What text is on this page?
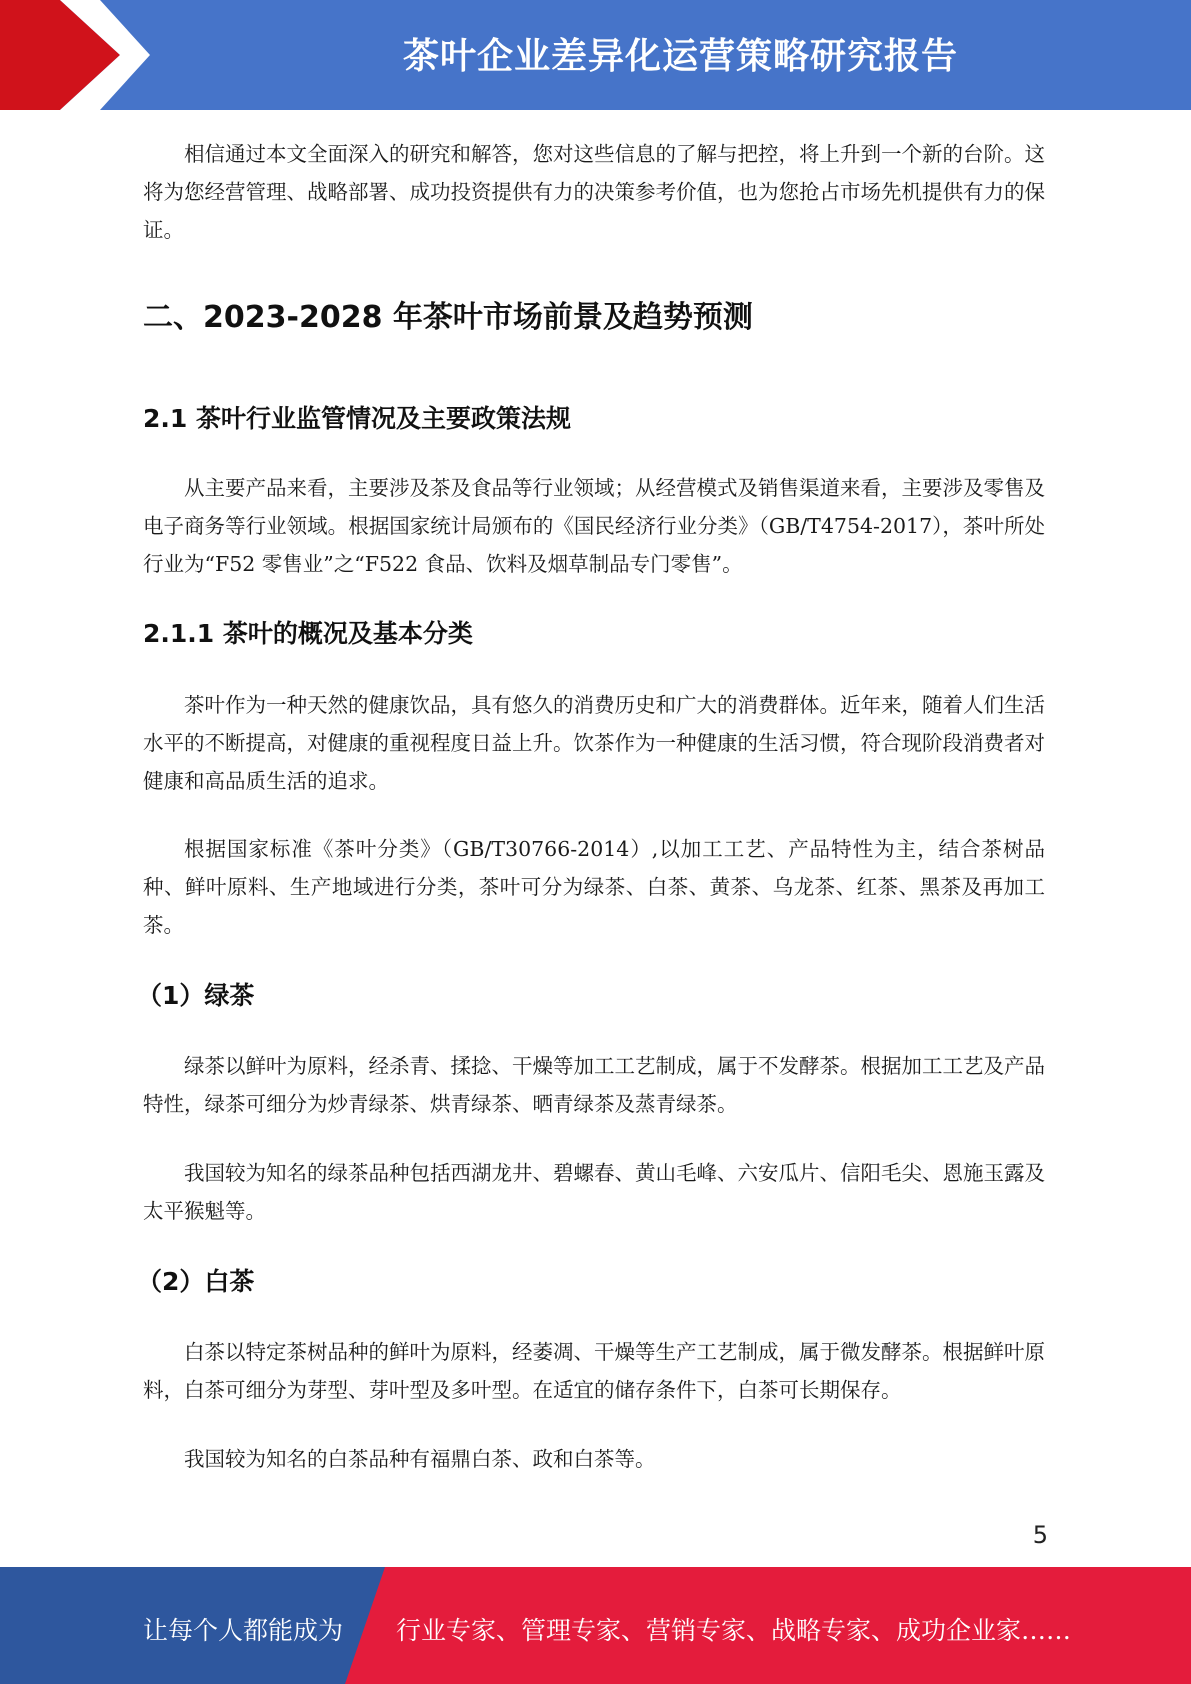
茶叶企业差异化运营策略研究报告

相信通过本文全面深入的研究和解答，您对这些信息的了解与把控，将上升到一个新的台阶。这将为您经营管理、战略部署、成功投资提供有力的决策参考价值，也为您抢占市场先机提供有力的保证。

二、2023-2028 年茶叶市场前景及趋势预测
2.1 茶叶行业监管情况及主要政策法规

从主要产品来看，主要涉及茶及食品等行业领域；从经营模式及销售渠道来看，主要涉及零售及电子商务等行业领域。根据国家统计局颁布的《国民经济行业分类》（GB/T4754-2017），茶叶所处行业为“F52 零售业”之“F522 食品、饮料及烟草制品专门零售”。

2.1.1 茶叶的概况及基本分类

茶叶作为一种天然的健康饮品，具有悠久的消费历史和广大的消费群体。近年来，随着人们生活水平的不断提高，对健康的重视程度日益上升。饮茶作为一种健康的生活习惯，符合现阶段消费者对健康和高品质生活的追求。

根据国家标准《茶叶分类》（GB/T30766-2014）,以加工工艺、产品特性为主，结合茶树品种、鲜叶原料、生产地域进行分类，茶叶可分为绿茶、白茶、黄茶、乌龙茶、红茶、黑茶及再加工茶。

（1）绿茶

绿茶以鲜叶为原料，经杀青、揉捻、干燥等加工工艺制成，属于不发酵茶。根据加工工艺及产品特性，绿茶可细分为炒青绿茶、烘青绿茶、晒青绿茶及蒸青绿茶。

我国较为知名的绿茶品种包括西湖龙井、碧螺春、黄山毛峰、六安瓜片、信阳毛尖、恩施玉露及太平猴魁等。

（2）白茶

白茶以特定茶树品种的鲜叶为原料，经萎凋、干燥等生产工艺制成，属于微发酵茶。根据鲜叶原料，白茶可细分为芽型、芽叶型及多叶型。在适宜的储存条件下，白茶可长期保存。

我国较为知名的白茶品种有福鼎白茶、政和白茶等。

5
让每个人都能成为 行业专家、管理专家、营销专家、战略专家、成功企业家……
